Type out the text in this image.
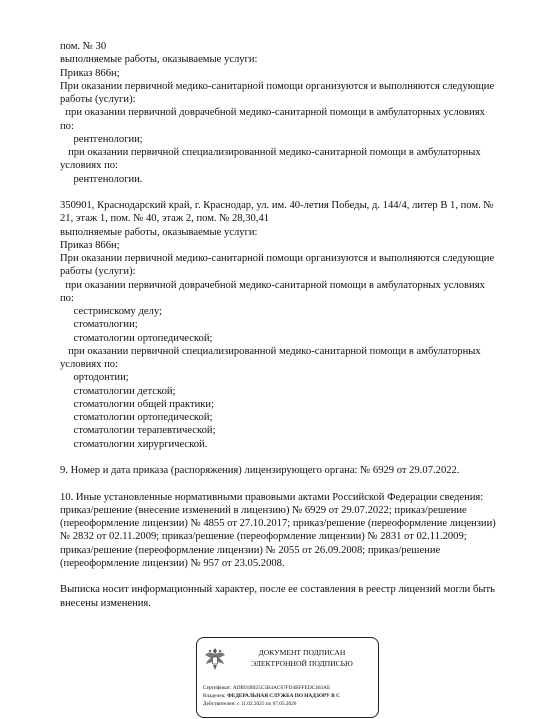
пом. № 30
выполняемые работы, оказываемые услуги:
Приказ 866н;
При оказании первичной медико-санитарной помощи организуются и выполняются следующие
работы (услуги):
при оказании первичной доврачебной медико-санитарной помощи в амбулаторных условиях
по:
рентгенологии;
при оказании первичной специализированной медико-санитарной помощи в амбулаторных
условиях по:
рентгенологии.
350901, Краснодарский край, г. Краснодар, ул. им. 40-летия Победы, д. 144/4, литер В 1, пом. №
21, этаж 1, пом. № 40, этаж 2, пом. № 28,30,41
выполняемые работы, оказываемые услуги:
Приказ 866н;
При оказании первичной медико-санитарной помощи организуются и выполняются следующие
работы (услуги):
при оказании первичной доврачебной медико-санитарной помощи в амбулаторных условиях
по:
сестринскому делу;
стоматологии;
стоматологии ортопедической;
при оказании первичной специализированной медико-санитарной помощи в амбулаторных
условиях по:
ортодонтии;
стоматологии детской;
стоматологии общей практики;
стоматологии ортопедической;
стоматологии терапевтической;
стоматологии хирургической.
9. Номер и дата приказа (распоряжения) лицензирующего органа: № 6929 от 29.07.2022.
10. Иные установленные нормативными правовыми актами Российской Федерации сведения:
приказ/решение (внесение изменений в лицензию) № 6929 от 29.07.2022; приказ/решение
(переоформление лицензии) № 4855 от 27.10.2017; приказ/решение (переоформление лицензии)
№ 2832 от 02.11.2009; приказ/решение (переоформление лицензии) № 2831 от 02.11.2009;
приказ/решение (переоформление лицензии) № 2055 от 26.09.2008; приказ/решение
(переоформление лицензии) № 957 от 23.05.2008.
Выписка носит информационный характер, после ее составления в реестр лицензий могли быть
внесены изменения.
ДОКУМЕНТ ПОДПИСАН
ЭЛЕКТРОННОЙ ПОДПИСЬЮ
Сертификат: ADB91B925C5B4AC67FD4BFFEDC463AE
Владелец: ФЕДЕРАЛЬНАЯ СЛУЖБА ПО НАДЗОРУ В С
Действителен: с 11.02.2025 по 07.05.2026
